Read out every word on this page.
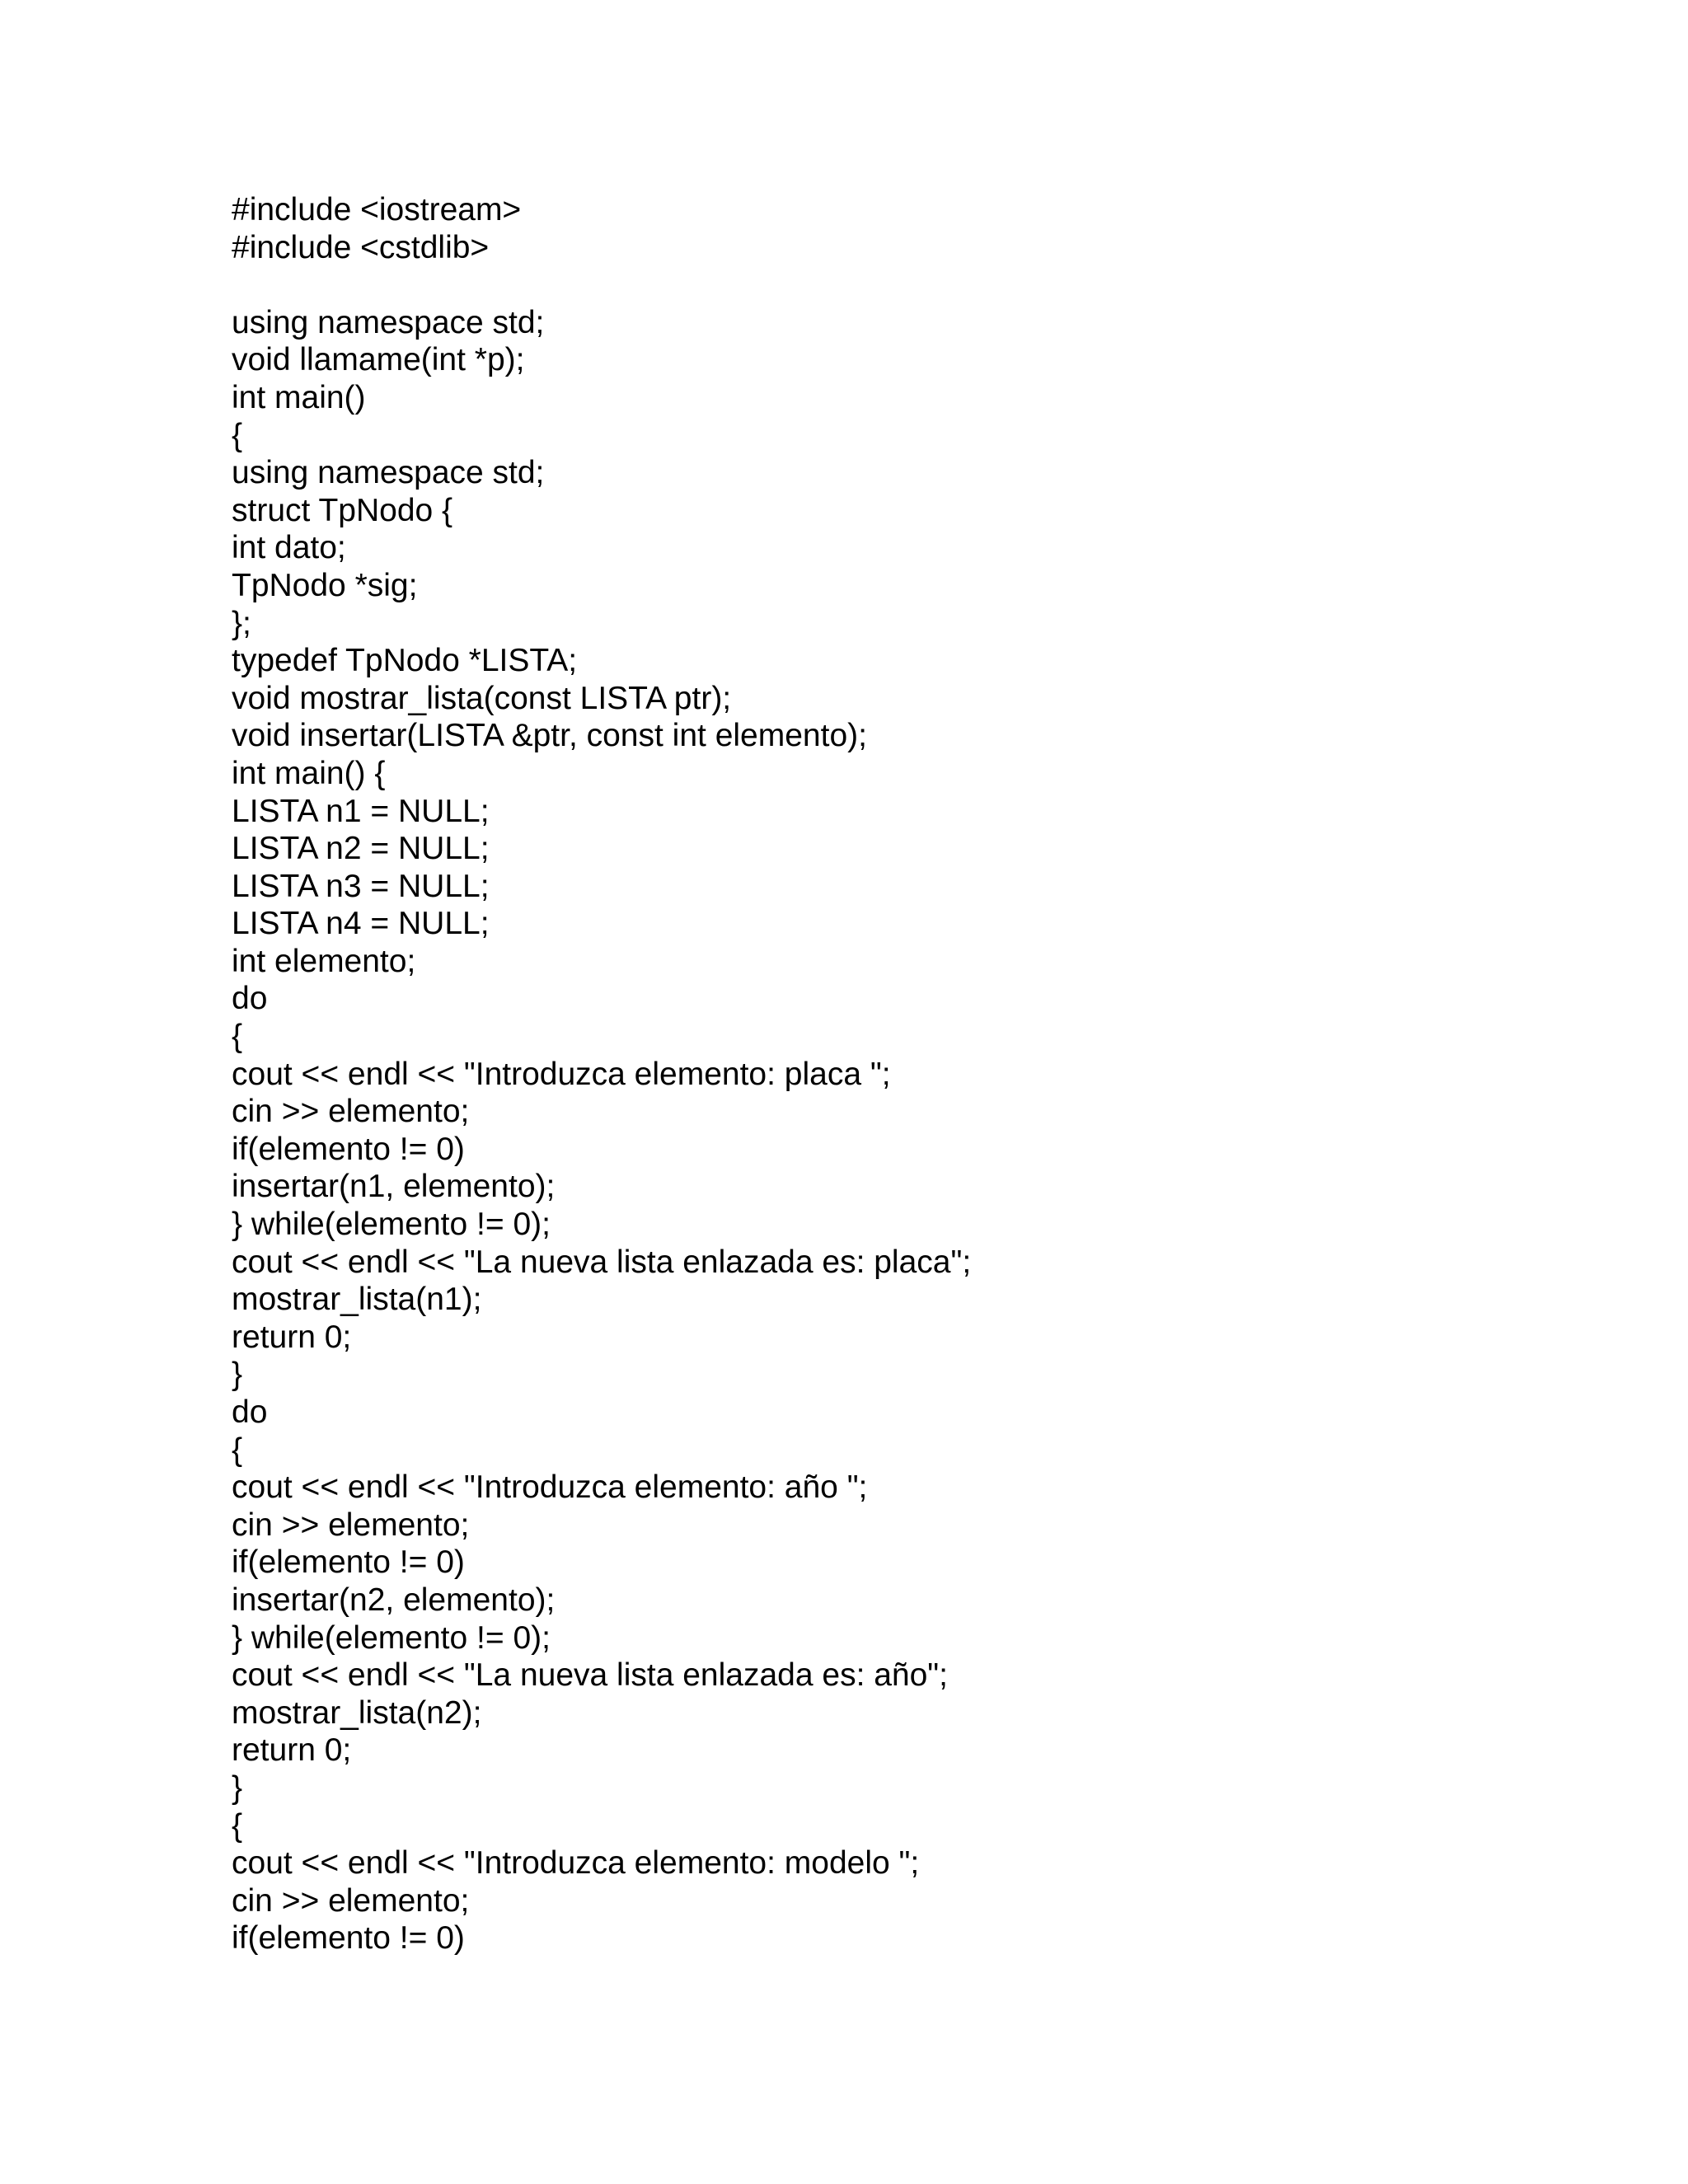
#include <iostream>
#include <cstdlib>
using namespace std;
void llamame(int *p);
int main()
{
using namespace std;
struct TpNodo {
int dato;
TpNodo *sig;
};
typedef TpNodo *LISTA;
void mostrar_lista(const LISTA ptr);
void insertar(LISTA &ptr, const int elemento);
int main() {
LISTA n1 = NULL;
LISTA n2 = NULL;
LISTA n3 = NULL;
LISTA n4 = NULL;
int elemento;
do
{
cout << endl << "Introduzca elemento: placa ";
cin >> elemento;
if(elemento != 0)
insertar(n1, elemento);
} while(elemento != 0);
cout << endl << "La nueva lista enlazada es: placa";
mostrar_lista(n1);
return 0;
}
do
{
cout << endl << "Introduzca elemento: año ";
cin >> elemento;
if(elemento != 0)
insertar(n2, elemento);
} while(elemento != 0);
cout << endl << "La nueva lista enlazada es: año";
mostrar_lista(n2);
return 0;
}
{
cout << endl << "Introduzca elemento: modelo ";
cin >> elemento;
if(elemento != 0)
